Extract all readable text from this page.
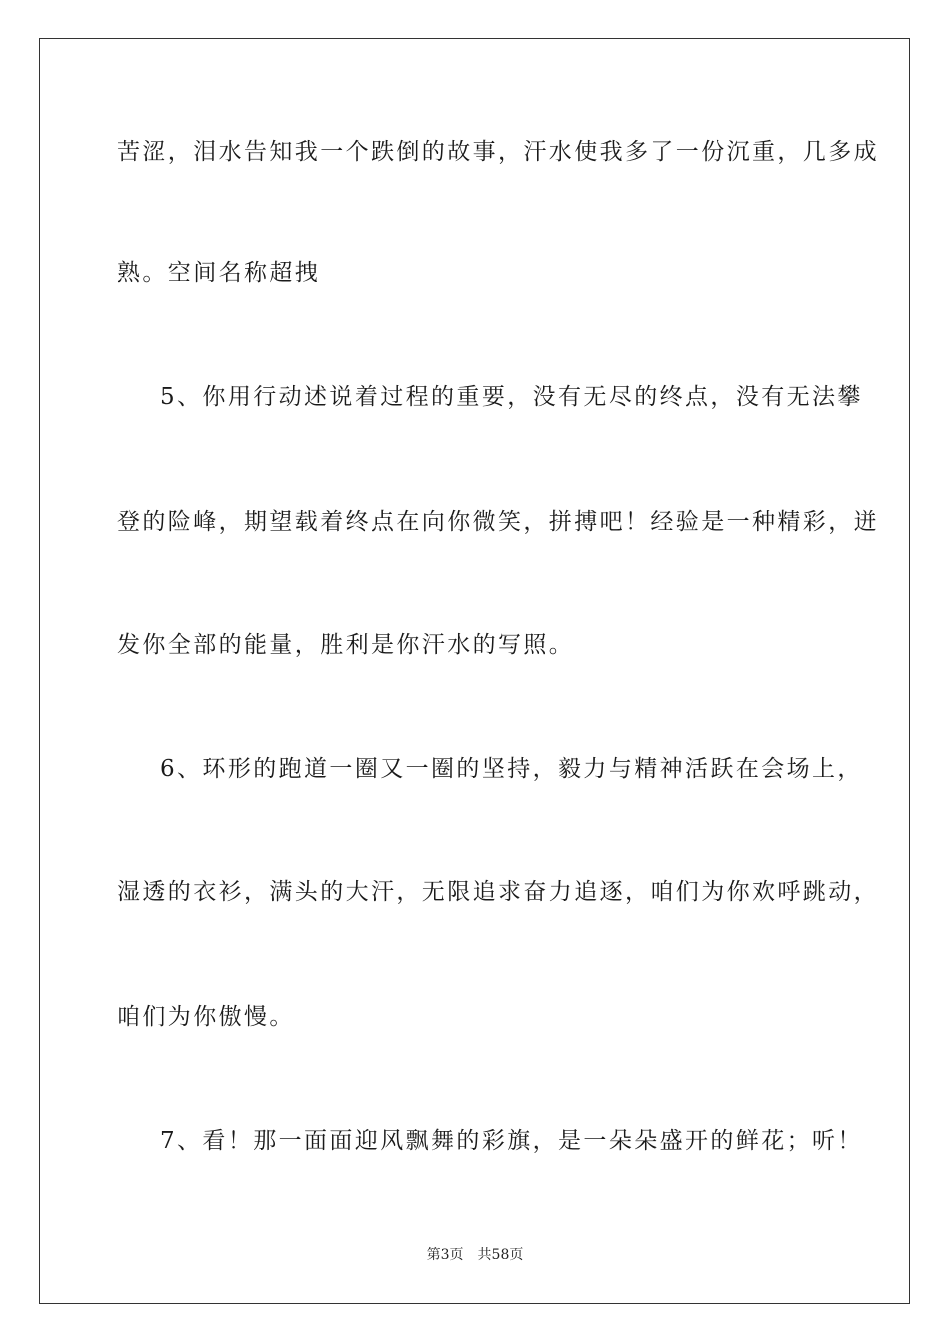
苦涩，泪水告知我一个跌倒的故事，汗水使我多了一份沉重，几多成
熟。空间名称超拽
5、你用行动述说着过程的重要，没有无尽的终点，没有无法攀
登的险峰，期望载着终点在向你微笑，拼搏吧！经验是一种精彩，迸
发你全部的能量，胜利是你汗水的写照。
6、环形的跑道一圈又一圈的坚持，毅力与精神活跃在会场上，
湿透的衣衫，满头的大汗，无限追求奋力追逐，咱们为你欢呼跳动，
咱们为你傲慢。
7、看！那一面面迎风飘舞的彩旗，是一朵朵盛开的鲜花；听！
第3页 共58页
